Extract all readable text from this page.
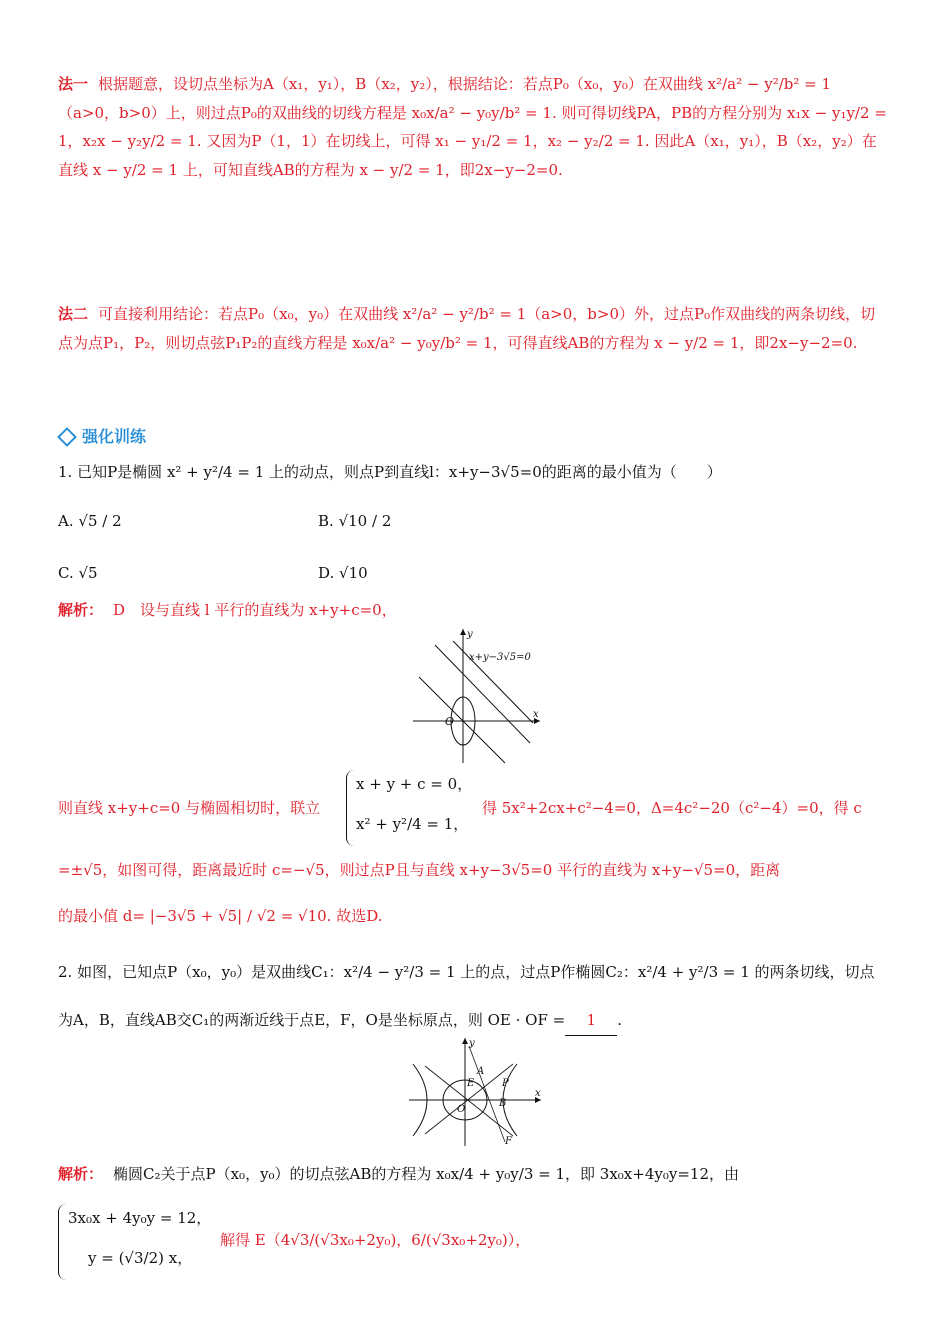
法一 根据题意，设切点坐标为A（x₁，y₁），B（x₂，y₂），根据结论：若点P₀（x₀，y₀）在双曲线 x²/a² − y²/b² = 1（a>0，b>0）上，则过点P₀的双曲线的切线方程是 x₀x/a² − y₀y/b² = 1. 则可得切线PA，PB的方程分别为 x₁x − y₁y/2 = 1，x₂x − y₂y/2 = 1. 又因为P（1，1）在切线上，可得 x₁ − y₁/2 = 1，x₂ − y₂/2 = 1. 因此A（x₁，y₁），B（x₂，y₂）在直线 x − y/2 = 1 上，可知直线AB的方程为 x − y/2 = 1，即2x−y−2=0.
法二 可直接利用结论：若点P₀（x₀，y₀）在双曲线 x²/a² − y²/b² = 1（a>0，b>0）外，过点P₀作双曲线的两条切线，切点为点P₁，P₂，则切点弦P₁P₂的直线方程是 x₀x/a² − y₀y/b² = 1，可得直线AB的方程为 x − y/2 = 1，即2x−y−2=0.
强化训练
1. 已知P是椭圆 x² + y²/4 = 1 上的动点，则点P到直线l：x+y−3√5=0的距离的最小值为（　　）
A. √5 / 2	B. √10 / 2
C. √5	D. √10
解析： D　设与直线 l 平行的直线为 x+y+c=0，
x+y−3√5=0
O
x
y
则直线 x+y+c=0 与椭圆相切时，联立
x + y + c = 0，
x² + y²/4 = 1，
得 5x²+2cx+c²−4=0，Δ=4c²−20（c²−4）=0，得 c
=±√5，如图可得，距离最近时 c=−√5，则过点P且与直线 x+y−3√5=0 平行的直线为 x+y−√5=0，距离
的最小值 d= |−3√5 + √5| / √2 = √10. 故选D.
2. 如图，已知点P（x₀，y₀）是双曲线C₁：x²/4 − y²/3 = 1 上的点，过点P作椭圆C₂：x²/4 + y²/3 = 1 的两条切线，切点
为A，B，直线AB交C₁的两渐近线于点E，F，O是坐标原点，则 OE · OF = 1 .
A
E	P
O
B
F
x
y
解析： 椭圆C₂关于点P（x₀，y₀）的切点弦AB的方程为 x₀x/4 + y₀y/3 = 1，即 3x₀x+4y₀y=12，由
3x₀x + 4y₀y = 12，
y = (√3/2) x，
解得 E（4√3/(√3x₀+2y₀)，6/(√3x₀+2y₀)），
